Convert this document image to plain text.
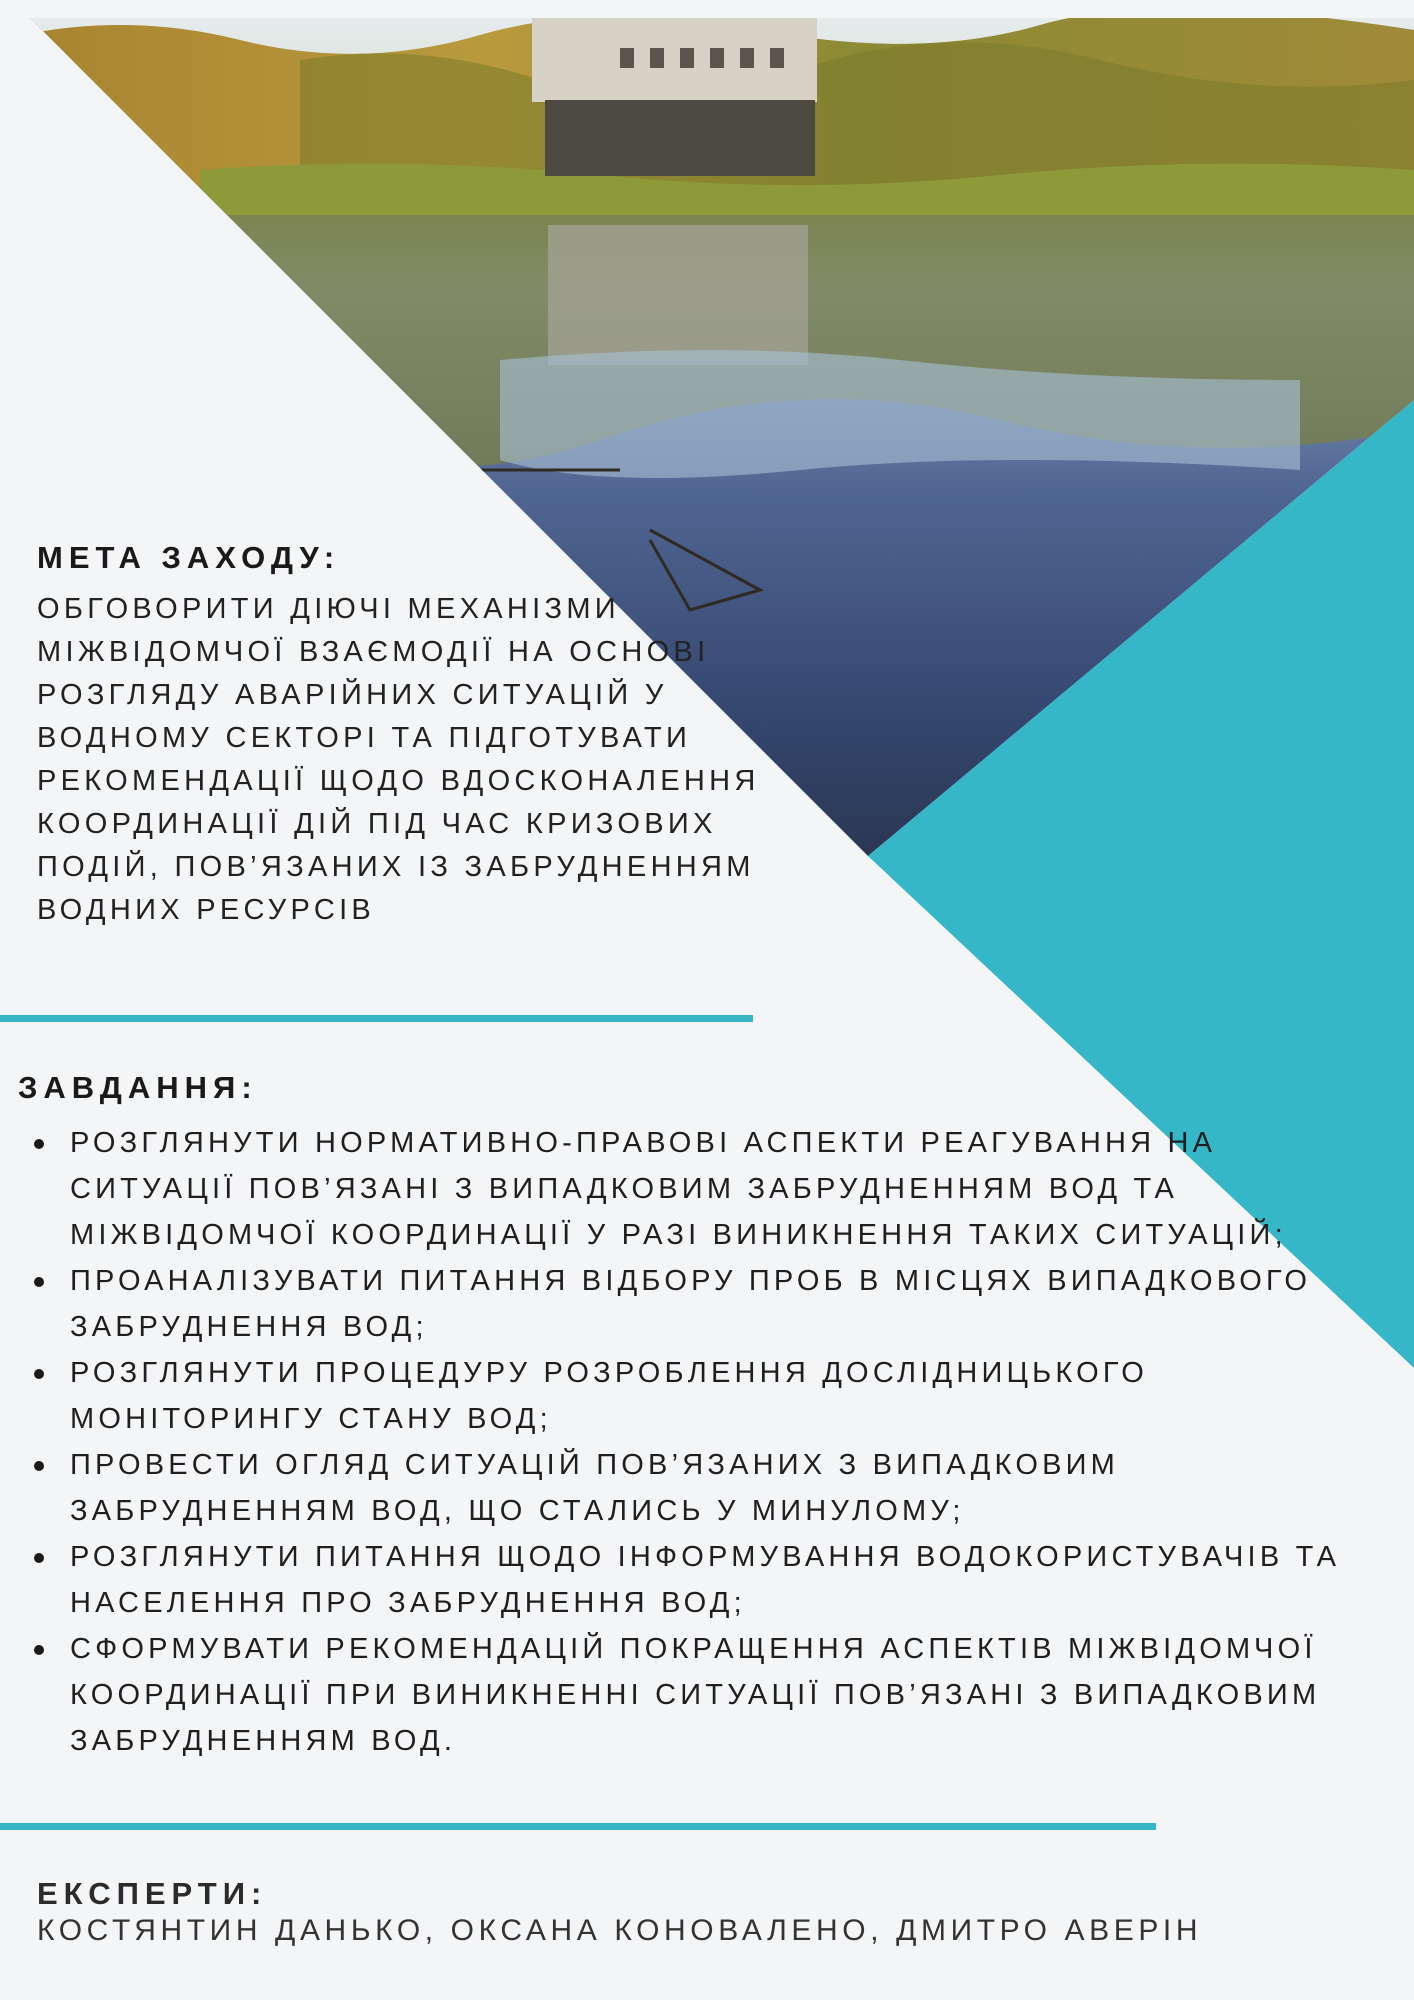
МЕТА ЗАХОДУ:
ОБГОВОРИТИ ДІЮЧІ МЕХАНІЗМИ МІЖВІДОМЧОЇ ВЗАЄМОДІЇ НА ОСНОВІ РОЗГЛЯДУ АВАРІЙНИХ СИТУАЦІЙ У ВОДНОМУ СЕКТОРІ ТА ПІДГОТУВАТИ РЕКОМЕНДАЦІЇ ЩОДО ВДОСКОНАЛЕННЯ КООРДИНАЦІЇ ДІЙ ПІД ЧАС КРИЗОВИХ ПОДІЙ, ПОВ’ЯЗАНИХ ІЗ ЗАБРУДНЕННЯМ ВОДНИХ РЕСУРСІВ
ЗАВДАННЯ:
РОЗГЛЯНУТИ НОРМАТИВНО-ПРАВОВІ АСПЕКТИ РЕАГУВАННЯ НА СИТУАЦІЇ ПОВ’ЯЗАНІ З ВИПАДКОВИМ ЗАБРУДНЕННЯМ ВОД ТА МІЖВІДОМЧОЇ КООРДИНАЦІЇ У РАЗІ ВИНИКНЕННЯ ТАКИХ СИТУАЦІЙ;
ПРОАНАЛІЗУВАТИ ПИТАННЯ ВІДБОРУ ПРОБ В МІСЦЯХ ВИПАДКОВОГО ЗАБРУДНЕННЯ ВОД;
РОЗГЛЯНУТИ ПРОЦЕДУРУ РОЗРОБЛЕННЯ ДОСЛІДНИЦЬКОГО МОНІТОРИНГУ СТАНУ ВОД;
ПРОВЕСТИ ОГЛЯД СИТУАЦІЙ ПОВ’ЯЗАНИХ З ВИПАДКОВИМ ЗАБРУДНЕННЯМ ВОД, ЩО СТАЛИСЬ У МИНУЛОМУ;
РОЗГЛЯНУТИ ПИТАННЯ ЩОДО ІНФОРМУВАННЯ ВОДОКОРИСТУВАЧІВ ТА НАСЕЛЕННЯ ПРО ЗАБРУДНЕННЯ ВОД;
СФОРМУВАТИ РЕКОМЕНДАЦІЙ ПОКРАЩЕННЯ АСПЕКТІВ МІЖВІДОМЧОЇ КООРДИНАЦІЇ ПРИ ВИНИКНЕННІ СИТУАЦІЇ ПОВ’ЯЗАНІ З ВИПАДКОВИМ ЗАБРУДНЕННЯМ ВОД.
ЕКСПЕРТИ:
КОСТЯНТИН ДАНЬКО, ОКСАНА КОНОВАЛЕНO, ДМИТРО АВЕРІН
